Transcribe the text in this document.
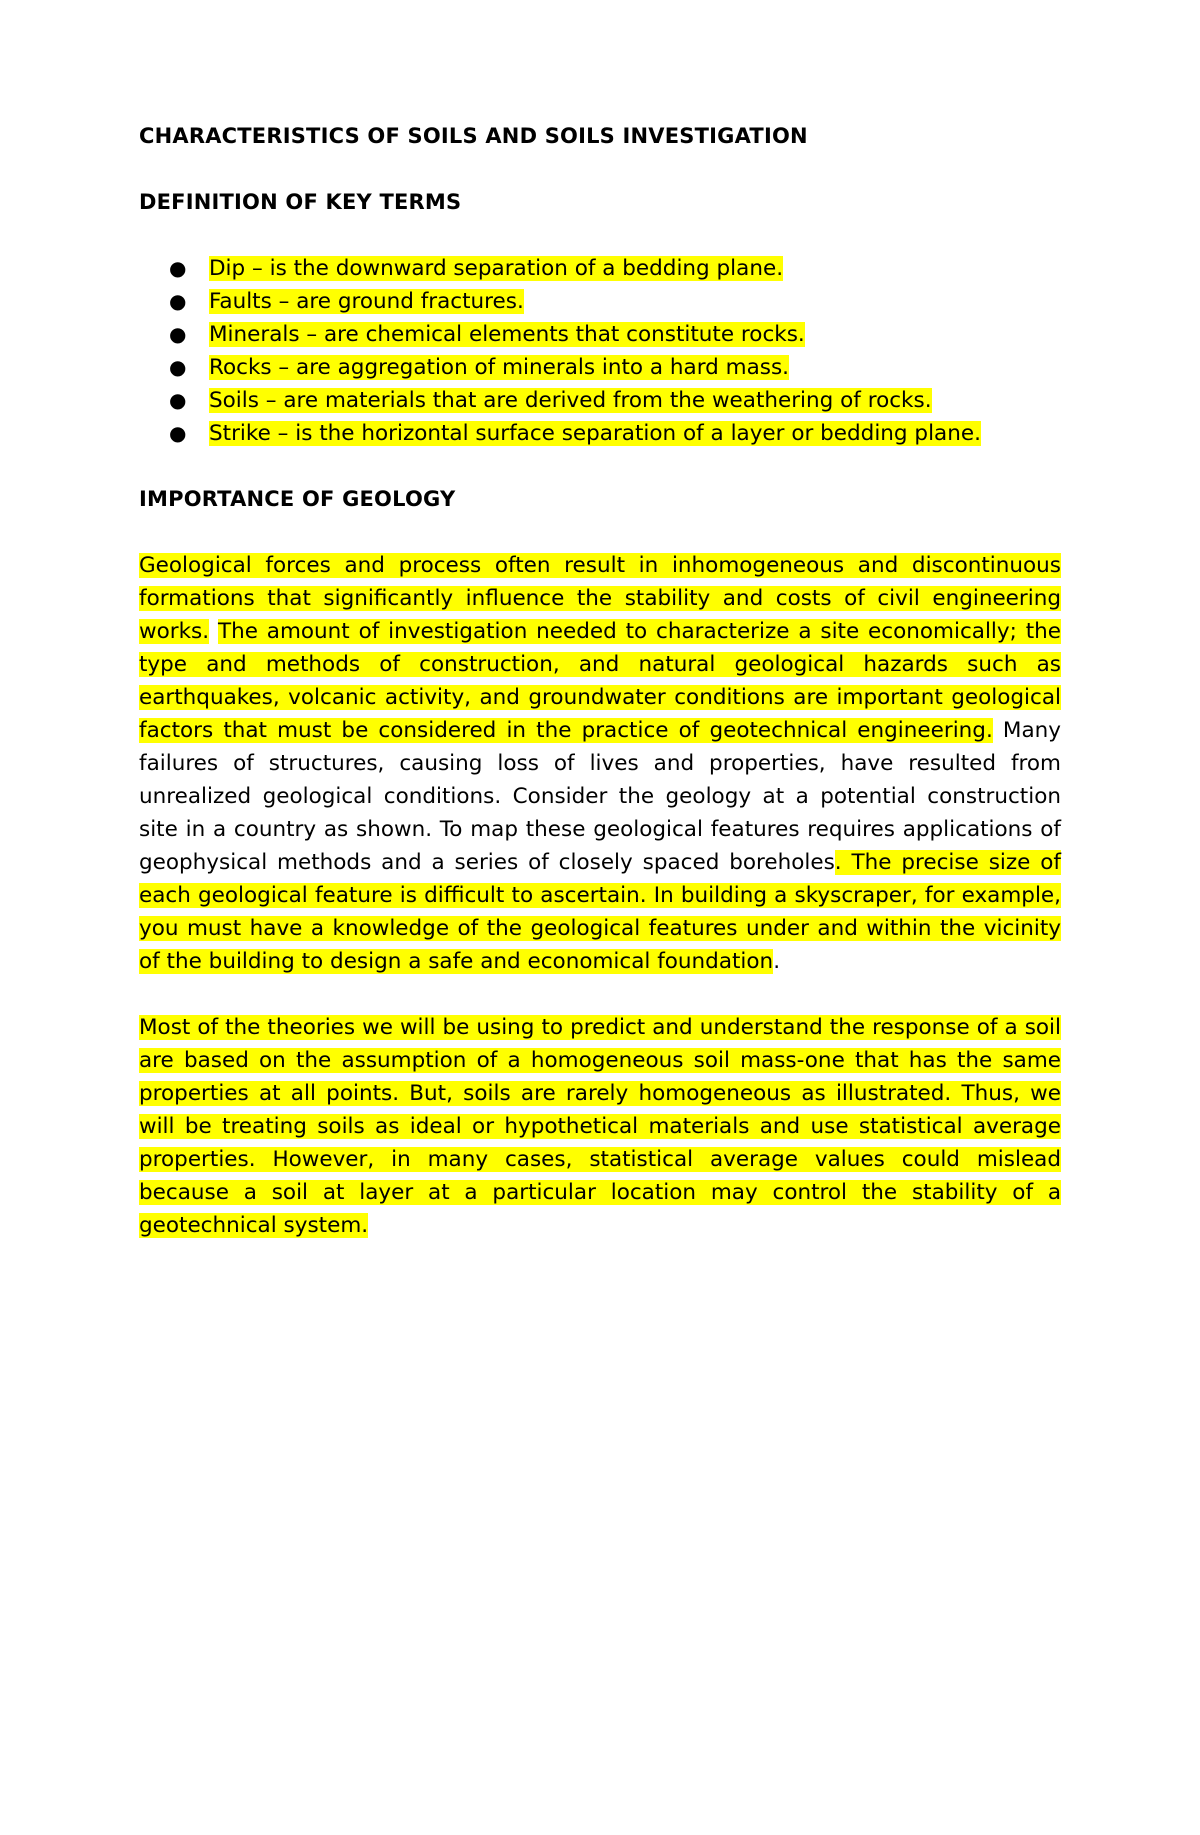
CHARACTERISTICS OF SOILS AND SOILS INVESTIGATION
DEFINITION OF KEY TERMS
● Dip – is the downward separation of a bedding plane.
● Faults – are ground fractures.
● Minerals – are chemical elements that constitute rocks.
● Rocks – are aggregation of minerals into a hard mass.
● Soils – are materials that are derived from the weathering of rocks.
● Strike – is the horizontal surface separation of a layer or bedding plane.
IMPORTANCE OF GEOLOGY

Geological forces and process often result in inhomogeneous and discontinuous formations that significantly influence the stability and costs of civil engineering works. The amount of investigation needed to characterize a site economically; the type and methods of construction, and natural geological hazards such as earthquakes, volcanic activity, and groundwater conditions are important geological factors that must be considered in the practice of geotechnical engineering. Many failures of structures, causing loss of lives and properties, have resulted from unrealized geological conditions. Consider the geology at a potential construction site in a country as shown. To map these geological features requires applications of geophysical methods and a series of closely spaced boreholes. The precise size of each geological feature is difficult to ascertain. In building a skyscraper, for example, you must have a knowledge of the geological features under and within the vicinity of the building to design a safe and economical foundation.

Most of the theories we will be using to predict and understand the response of a soil are based on the assumption of a homogeneous soil mass-one that has the same properties at all points. But, soils are rarely homogeneous as illustrated. Thus, we will be treating soils as ideal or hypothetical materials and use statistical average properties. However, in many cases, statistical average values could mislead because a soil at layer at a particular location may control the stability of a geotechnical system.
